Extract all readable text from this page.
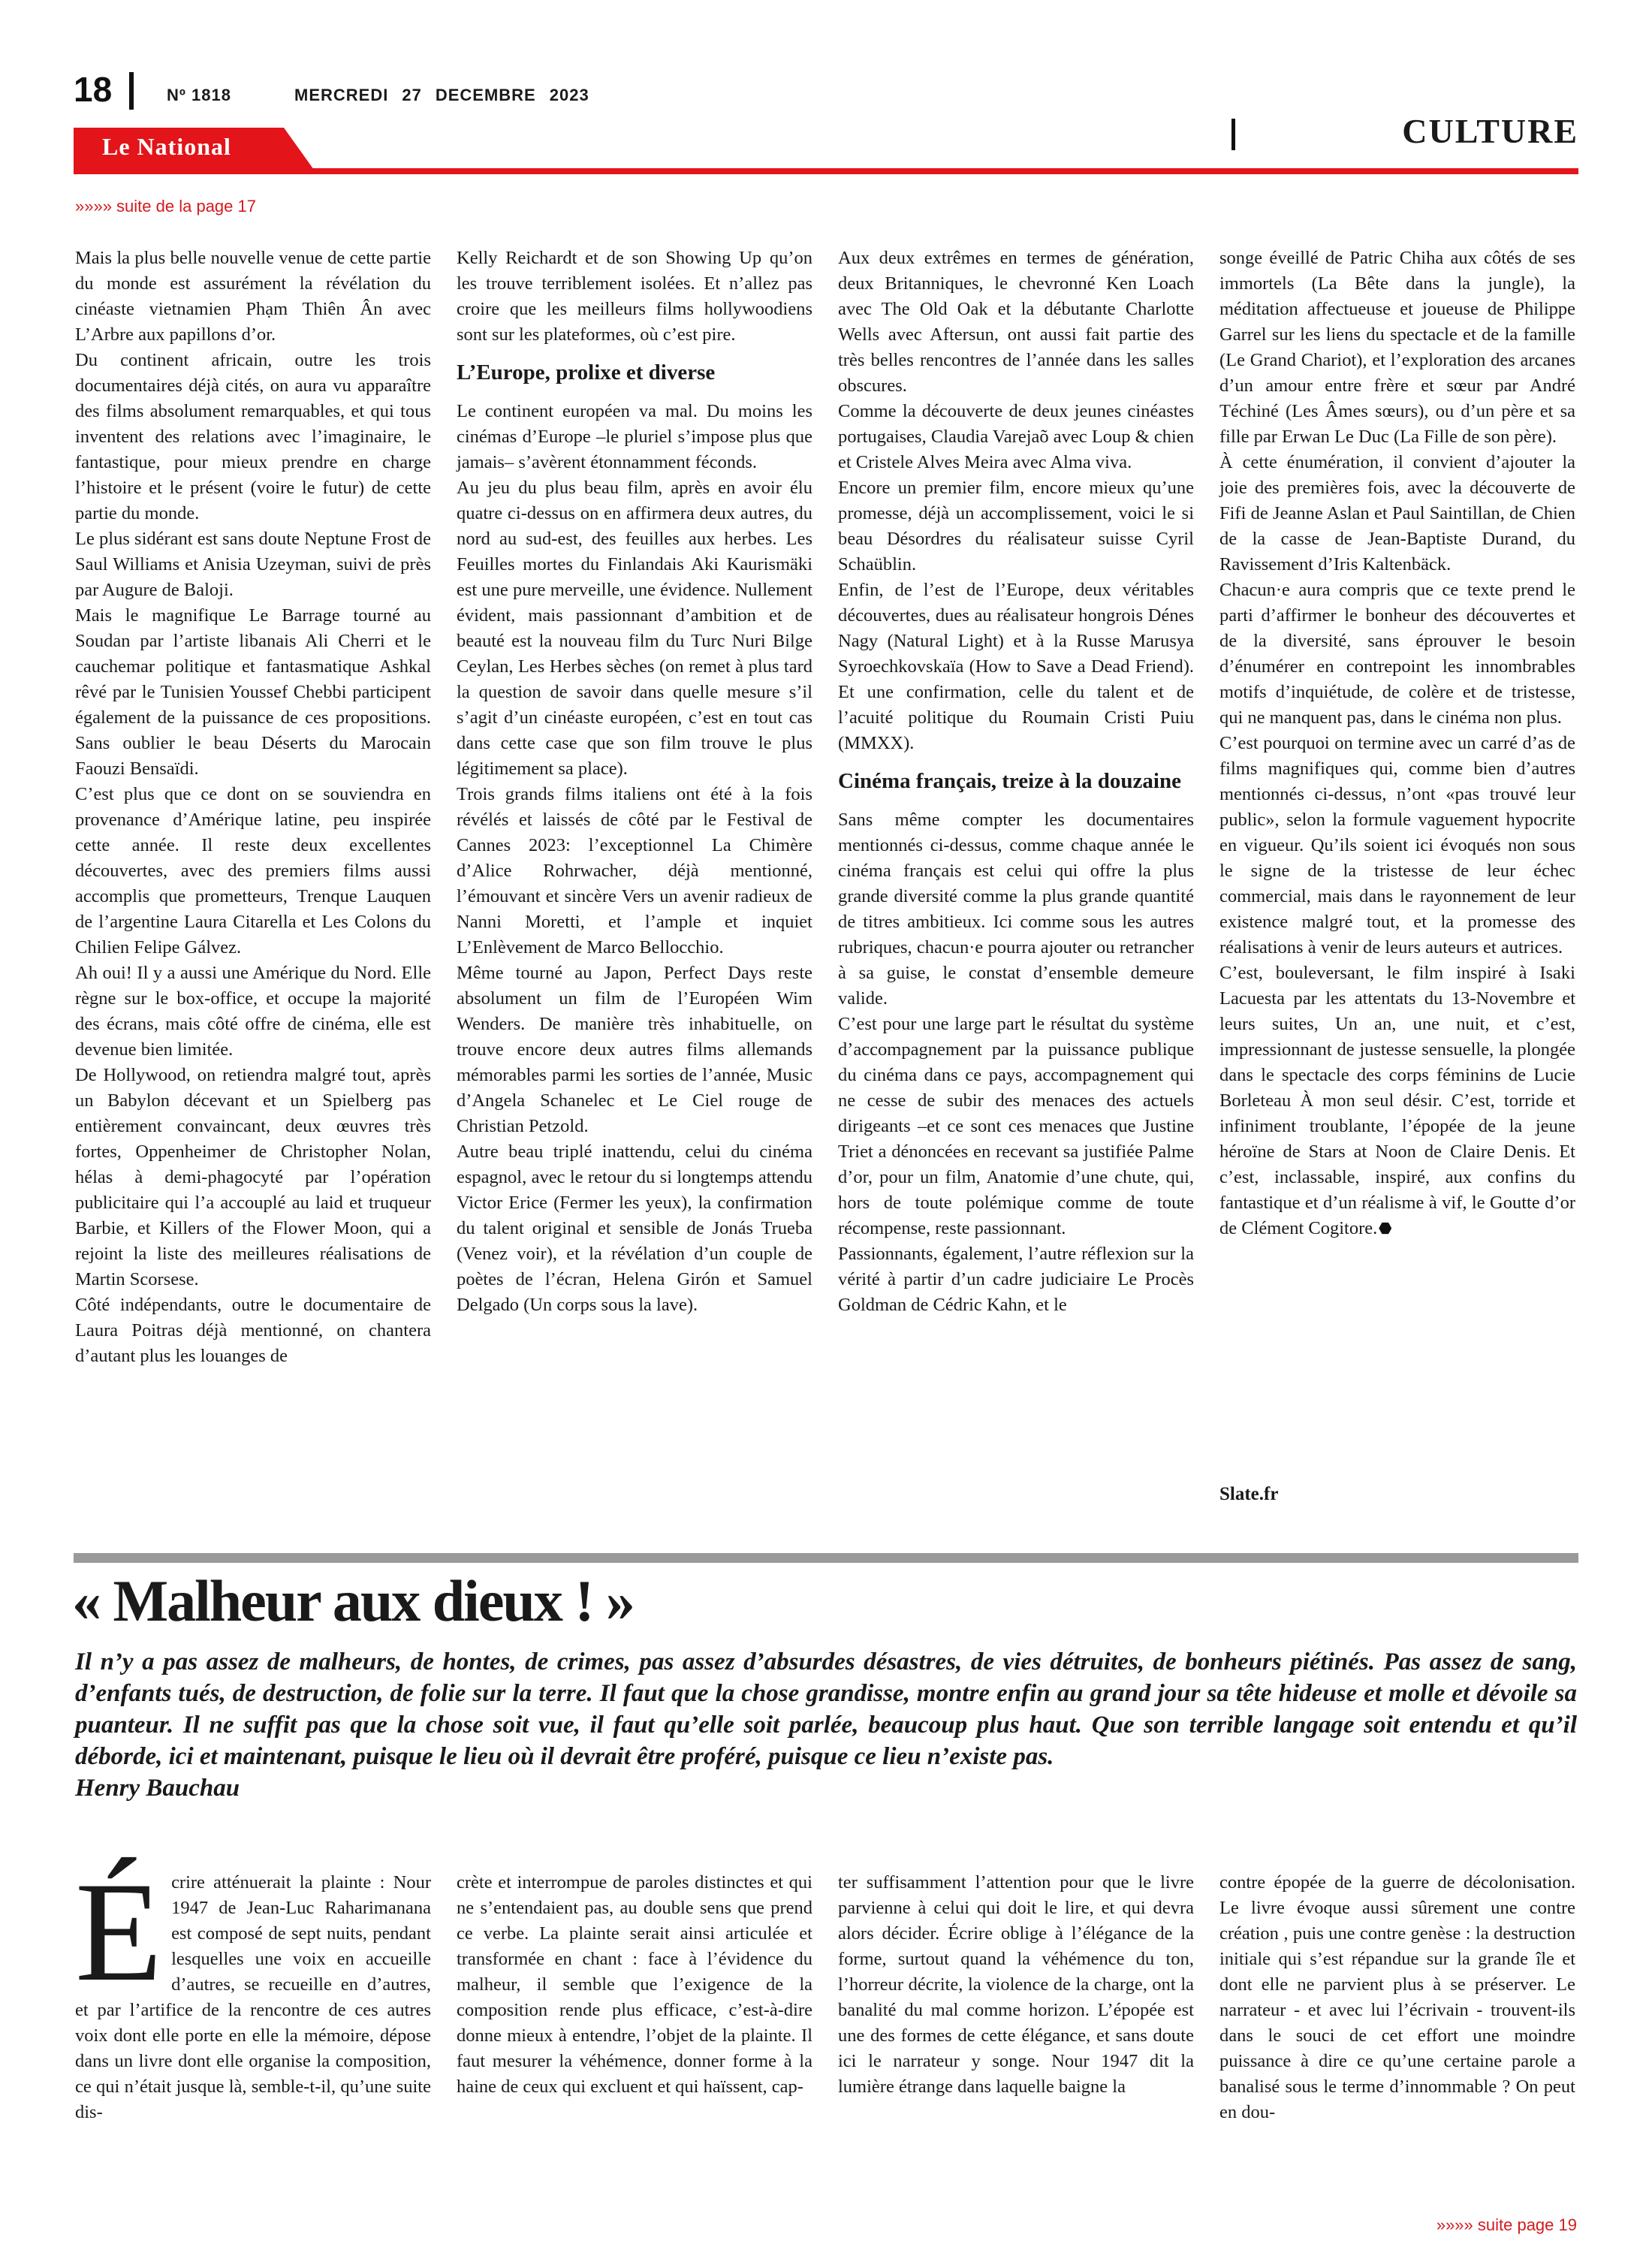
18	Nº 1818	MERCREDI 27 DECEMBRE 2023
CULTURE
Le National
»»»» suite de la page 17

Mais la plus belle nouvelle venue de cette partie du monde est assurément la révélation du cinéaste vietnamien Phạm Thiên Ân avec L’Arbre aux papillons d’or.

Du continent africain, outre les trois documentaires déjà cités, on aura vu apparaître des films absolument remarquables, et qui tous inventent des relations avec l’imaginaire, le fantastique, pour mieux prendre en charge l’histoire et le présent (voire le futur) de cette partie du monde.

Le plus sidérant est sans doute Neptune Frost de Saul Williams et Anisia Uzeyman, suivi de près par Augure de Baloji.

Mais le magnifique Le Barrage tourné au Soudan par l’artiste libanais Ali Cherri et le cauchemar politique et fantasmatique Ashkal rêvé par le Tunisien Youssef Chebbi participent également de la puissance de ces propositions. Sans oublier le beau Déserts du Marocain Faouzi Bensaïdi.

C’est plus que ce dont on se souviendra en provenance d’Amérique latine, peu inspirée cette année. Il reste deux excellentes découvertes, avec des premiers films aussi accomplis que prometteurs, Trenque Lauquen de l’argentine Laura Citarella et Les Colons du Chilien Felipe Gálvez.

Ah oui! Il y a aussi une Amérique du Nord. Elle règne sur le box-office, et occupe la majorité des écrans, mais côté offre de cinéma, elle est devenue bien limitée.

De Hollywood, on retiendra malgré tout, après un Babylon décevant et un Spielberg pas entièrement convaincant, deux œuvres très fortes, Oppenheimer de Christopher Nolan, hélas à demi-phagocyté par l’opération publicitaire qui l’a accouplé au laid et truqueur Barbie, et Killers of the Flower Moon, qui a rejoint la liste des meilleures réalisations de Martin Scorsese.

Côté indépendants, outre le documentaire de Laura Poitras déjà mentionné, on chantera d’autant plus les louanges de

Kelly Reichardt et de son Showing Up qu’on les trouve terriblement isolées. Et n’allez pas croire que les meilleurs films hollywoodiens sont sur les plateformes, où c’est pire.

L’Europe, prolixe et diverse

Le continent européen va mal. Du moins les cinémas d’Europe –le pluriel s’impose plus que jamais– s’avèrent étonnamment féconds.

Au jeu du plus beau film, après en avoir élu quatre ci-dessus on en affirmera deux autres, du nord au sud-est, des feuilles aux herbes. Les Feuilles mortes du Finlandais Aki Kaurismäki est une pure merveille, une évidence. Nullement évident, mais passionnant d’ambition et de beauté est la nouveau film du Turc Nuri Bilge Ceylan, Les Herbes sèches (on remet à plus tard la question de savoir dans quelle mesure s’il s’agit d’un cinéaste européen, c’est en tout cas dans cette case que son film trouve le plus légitimement sa place).

Trois grands films italiens ont été à la fois révélés et laissés de côté par le Festival de Cannes 2023: l’exceptionnel La Chimère d’Alice Rohrwacher, déjà mentionné, l’émouvant et sincère Vers un avenir radieux de Nanni Moretti, et l’ample et inquiet L’Enlèvement de Marco Bellocchio.

Même tourné au Japon, Perfect Days reste absolument un film de l’Européen Wim Wenders. De manière très inhabituelle, on trouve encore deux autres films allemands mémorables parmi les sorties de l’année, Music d’Angela Schanelec et Le Ciel rouge de Christian Petzold.

Autre beau triplé inattendu, celui du cinéma espagnol, avec le retour du si longtemps attendu Victor Erice (Fermer les yeux), la confirmation du talent original et sensible de Jonás Trueba (Venez voir), et la révélation d’un couple de poètes de l’écran, Helena Girón et Samuel Delgado (Un corps sous la lave).

Aux deux extrêmes en termes de génération, deux Britanniques, le chevronné Ken Loach avec The Old Oak et la débutante Charlotte Wells avec Aftersun, ont aussi fait partie des très belles rencontres de l’année dans les salles obscures.

Comme la découverte de deux jeunes cinéastes portugaises, Claudia Varejaõ avec Loup & chien et Cristele Alves Meira avec Alma viva.

Encore un premier film, encore mieux qu’une promesse, déjà un accomplissement, voici le si beau Désordres du réalisateur suisse Cyril Schaüblin.

Enfin, de l’est de l’Europe, deux véritables découvertes, dues au réalisateur hongrois Dénes Nagy (Natural Light) et à la Russe Marusya Syroechkovskaïa (How to Save a Dead Friend). Et une confirmation, celle du talent et de l’acuité politique du Roumain Cristi Puiu (MMXX).

Cinéma français, treize à la douzaine

Sans même compter les documentaires mentionnés ci-dessus, comme chaque année le cinéma français est celui qui offre la plus grande diversité comme la plus grande quantité de titres ambitieux. Ici comme sous les autres rubriques, chacun·e pourra ajouter ou retrancher à sa guise, le constat d’ensemble demeure valide.

C’est pour une large part le résultat du système d’accompagnement par la puissance publique du cinéma dans ce pays, accompagnement qui ne cesse de subir des menaces des actuels dirigeants –et ce sont ces menaces que Justine Triet a dénoncées en recevant sa justifiée Palme d’or, pour un film, Anatomie d’une chute, qui, hors de toute polémique comme de toute récompense, reste passionnant.

Passionnants, également, l’autre réflexion sur la vérité à partir d’un cadre judiciaire Le Procès Goldman de Cédric Kahn, et le

songe éveillé de Patric Chiha aux côtés de ses immortels (La Bête dans la jungle), la méditation affectueuse et joueuse de Philippe Garrel sur les liens du spectacle et de la famille (Le Grand Chariot), et l’exploration des arcanes d’un amour entre frère et sœur par André Téchiné (Les Âmes sœurs), ou d’un père et sa fille par Erwan Le Duc (La Fille de son père).

À cette énumération, il convient d’ajouter la joie des premières fois, avec la découverte de Fifi de Jeanne Aslan et Paul Saintillan, de Chien de la casse de Jean-Baptiste Durand, du Ravissement d’Iris Kaltenbäck.

Chacun·e aura compris que ce texte prend le parti d’affirmer le bonheur des découvertes et de la diversité, sans éprouver le besoin d’énumérer en contrepoint les innombrables motifs d’inquiétude, de colère et de tristesse, qui ne manquent pas, dans le cinéma non plus.

C’est pourquoi on termine avec un carré d’as de films magnifiques qui, comme bien d’autres mentionnés ci-dessus, n’ont «pas trouvé leur public», selon la formule vaguement hypocrite en vigueur. Qu’ils soient ici évoqués non sous le signe de la tristesse de leur échec commercial, mais dans le rayonnement de leur existence malgré tout, et la promesse des réalisations à venir de leurs auteurs et autrices.

C’est, bouleversant, le film inspiré à Isaki Lacuesta par les attentats du 13-Novembre et leurs suites, Un an, une nuit, et c’est, impressionnant de justesse sensuelle, la plongée dans le spectacle des corps féminins de Lucie Borleteau À mon seul désir. C’est, torride et infiniment troublante, l’épopée de la jeune héroïne de Stars at Noon de Claire Denis. Et c’est, inclassable, inspiré, aux confins du fantastique et d’un réalisme à vif, le Goutte d’or de Clément Cogitore.

Slate.fr
« Malheur aux dieux ! »

Il n’y a pas assez de malheurs, de hontes, de crimes, pas assez d’absurdes désastres, de vies détruites, de bonheurs piétinés. Pas assez de sang, d’enfants tués, de destruction, de folie sur la terre. Il faut que la chose grandisse, montre enfin au grand jour sa tête hideuse et molle et dévoile sa puanteur. Il ne suffit pas que la chose soit vue, il faut qu’elle soit parlée, beaucoup plus haut. Que son terrible langage soit entendu et qu’il déborde, ici et maintenant, puisque le lieu où il devrait être proféré, puisque ce lieu n’existe pas.

Henry Bauchau

É crire atténuerait la plainte : Nour 1947 de Jean-Luc Raharimanana est composé de sept nuits, pendant lesquelles une voix en accueille d’autres, se recueille en d’autres, et par l’artifice de la rencontre de ces autres voix dont elle porte en elle la mémoire, dépose dans un livre dont elle organise la composition, ce qui n’était jusque là, semble-t-il, qu’une suite dis-

crète et interrompue de paroles distinctes et qui ne s’entendaient pas, au double sens que prend ce verbe. La plainte serait ainsi articulée et transformée en chant : face à l’évidence du malheur, il semble que l’exigence de la composition rende plus efficace, c’est-à-dire donne mieux à entendre, l’objet de la plainte. Il faut mesurer la véhémence, donner forme à la haine de ceux qui excluent et qui haïssent, cap-

ter suffisamment l’attention pour que le livre parvienne à celui qui doit le lire, et qui devra alors décider. Écrire oblige à l’élégance de la forme, surtout quand la véhémence du ton, l’horreur décrite, la violence de la charge, ont la banalité du mal comme horizon. L’épopée est une des formes de cette élégance, et sans doute ici le narrateur y songe. Nour 1947 dit la lumière étrange dans laquelle baigne la

contre épopée de la guerre de décolonisation. Le livre évoque aussi sûrement une contre création , puis une contre genèse : la destruction initiale qui s’est répandue sur la grande île et dont elle ne parvient plus à se préserver. Le narrateur - et avec lui l’écrivain - trouvent-ils dans le souci de cet effort une moindre puissance à dire ce qu’une certaine parole a banalisé sous le terme d’innommable ? On peut en dou-

»»»» suite page 19
